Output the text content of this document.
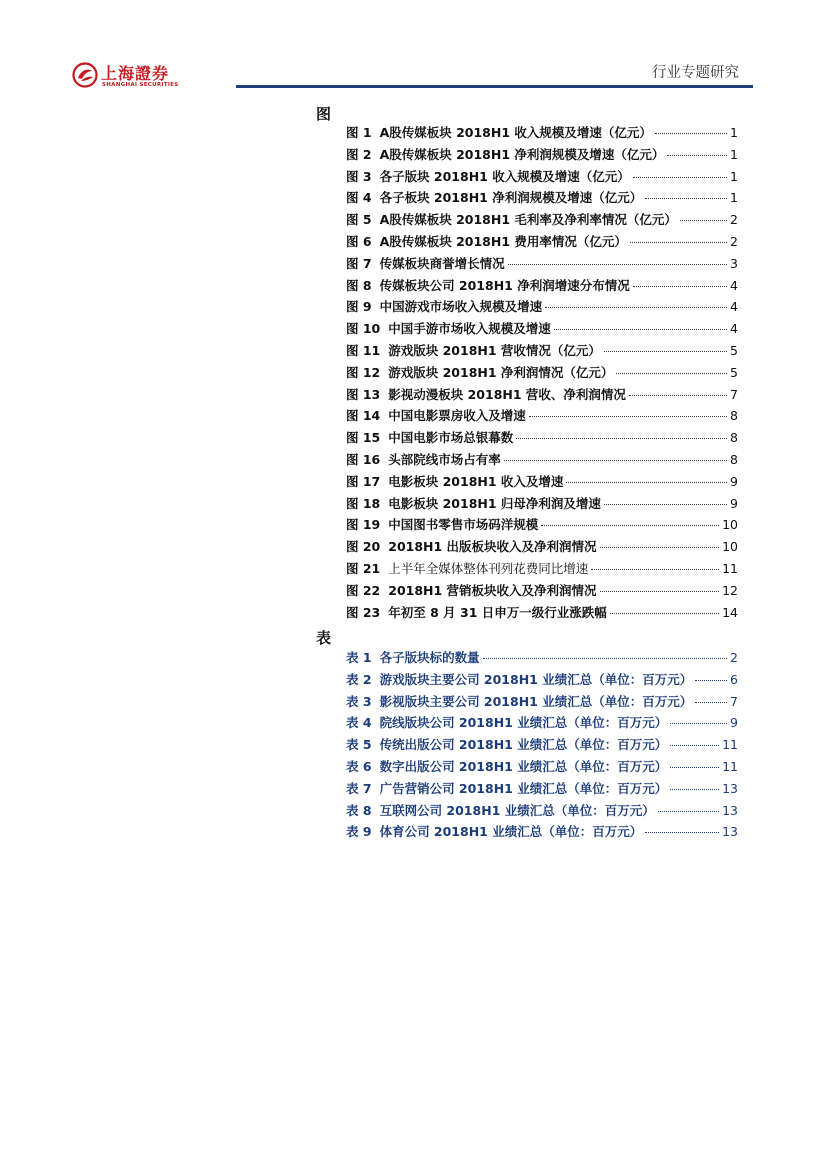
上海證券
SHANGHAI SECURITIES
行业专题研究
图
图 1 A股传媒板块 2018H1 收入规模及增速（亿元）	1
图 2 A股传媒板块 2018H1 净利润规模及增速（亿元）	1
图 3 各子版块 2018H1 收入规模及增速（亿元）	1
图 4 各子板块 2018H1 净利润规模及增速（亿元）	1
图 5 A股传媒板块 2018H1 毛利率及净利率情况（亿元）	2
图 6 A股传媒板块 2018H1 费用率情况（亿元）	2
图 7 传媒板块商誉增长情况	3
图 8 传媒板块公司 2018H1 净利润增速分布情况	4
图 9 中国游戏市场收入规模及增速	4
图 10 中国手游市场收入规模及增速	4
图 11 游戏版块 2018H1 营收情况（亿元）	5
图 12 游戏版块 2018H1 净利润情况（亿元）	5
图 13 影视动漫板块 2018H1 营收、净利润情况	7
图 14 中国电影票房收入及增速	8
图 15 中国电影市场总银幕数	8
图 16 头部院线市场占有率	8
图 17 电影板块 2018H1 收入及增速	9
图 18 电影板块 2018H1 归母净利润及增速	9
图 19 中国图书零售市场码洋规模	10
图 20 2018H1 出版板块收入及净利润情况	10
图 21 上半年全媒体整体刊列花费同比增速	11
图 22 2018H1 营销板块收入及净利润情况	12
图 23 年初至 8 月 31 日申万一级行业涨跌幅	14
表
表 1 各子版块标的数量	2
表 2 游戏版块主要公司 2018H1 业绩汇总（单位：百万元）	6
表 3 影视版块主要公司 2018H1 业绩汇总（单位：百万元）	7
表 4 院线版块公司 2018H1 业绩汇总（单位：百万元）	9
表 5 传统出版公司 2018H1 业绩汇总（单位：百万元）	11
表 6 数字出版公司 2018H1 业绩汇总（单位：百万元）	11
表 7 广告营销公司 2018H1 业绩汇总（单位：百万元）	13
表 8 互联网公司 2018H1 业绩汇总（单位：百万元）	13
表 9 体育公司 2018H1 业绩汇总（单位：百万元）	13
